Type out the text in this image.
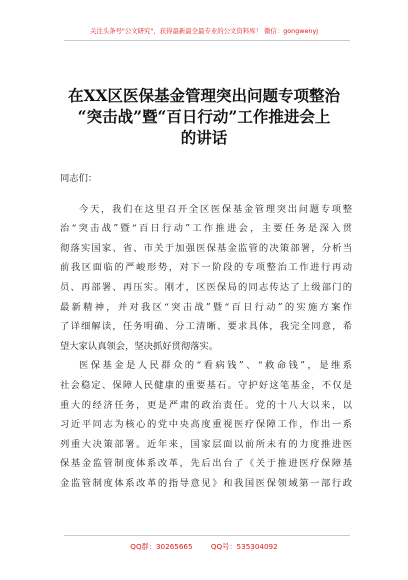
关注头条号"公文研究"，获得最新最全最专业的公文资料库！ 微信：gongwenyj
在XX区医保基金管理突出问题专项整治
“突击战”暨“百日行动”工作推进会上
的讲话
同志们：
今天，我们在这里召开全区医保基金管理突出问题专项整
治“突击战”暨“百日行动”工作推进会，主要任务是深入贯
彻落实国家、省、市关于加强医保基金监管的决策部署，分析当
前我区面临的严峻形势，对下一阶段的专项整治工作进行再动
员、再部署、再压实。刚才，区医保局的同志传达了上级部门的
最新精神，并对我区“突击战”暨“百日行动”的实施方案作
了详细解读，任务明确、分工清晰、要求具体，我完全同意，希
望大家认真领会，坚决抓好贯彻落实。
医保基金是人民群众的“看病钱”、“救命钱”，是维系
社会稳定、保障人民健康的重要基石。守护好这笔基金，不仅是
重大的经济任务，更是严肃的政治责任。党的十八大以来，以
习近平同志为核心的党中央高度重视医疗保障工作，作出一系
列重大决策部署。近年来，国家层面以前所未有的力度推进医
保基金监管制度体系改革，先后出台了《关于推进医疗保障基
金监管制度体系改革的指导意见》和我国医保领域第一部行政
QQ群：30265665	QQ号：535304092
